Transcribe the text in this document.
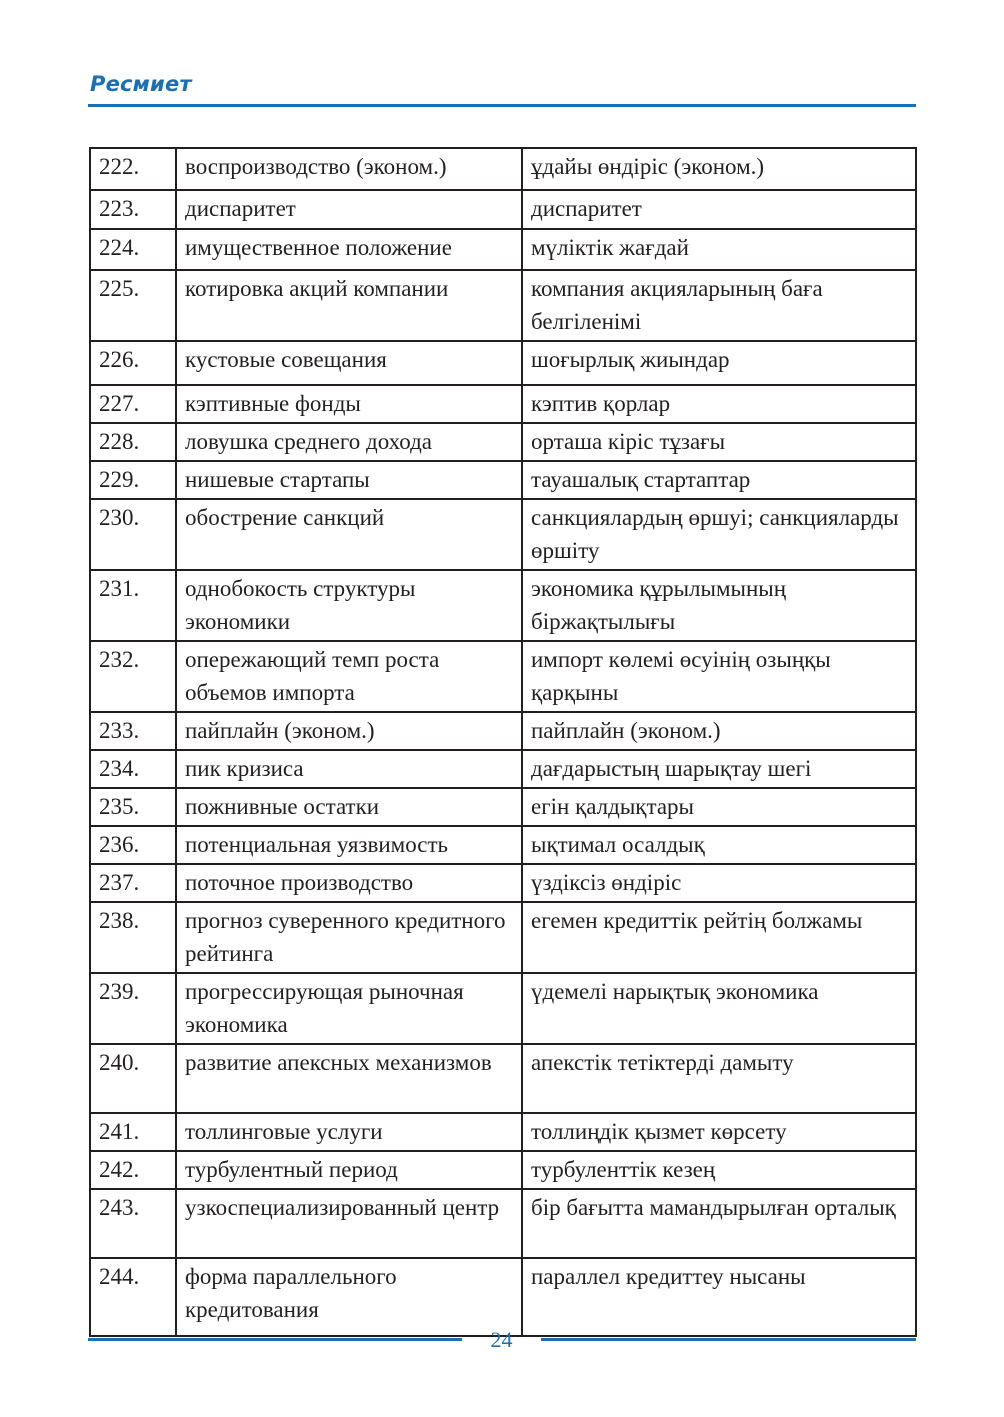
Ресмиет
222.	воспроизводство (эконом.)	ұдайы өндіріс (эконом.)
223.	диспаритет	диспаритет
224.	имущественное положение	мүліктік жағдай
225.	котировка акций компании	компания акцияларының баға белгіленімі
226.	кустовые совещания	шоғырлық жиындар
227.	кэптивные фонды	кэптив қорлар
228.	ловушка среднего дохода	орташа кіріс тұзағы
229.	нишевые стартапы	тауашалық стартаптар
230.	обострение санкций	санкциялардың өршуі; санкцияларды өршіту
231.	однобокость структуры экономики	экономика құрылымының біржақтылығы
232.	опережающий темп роста объемов импорта	импорт көлемі өсуінің озыңқы қарқыны
233.	пайплайн (эконом.)	пайплайн (эконом.)
234.	пик кризиса	дағдарыстың шарықтау шегі
235.	пожнивные остатки	егін қалдықтары
236.	потенциальная уязвимость	ықтимал осалдық
237.	поточное производство	үздіксіз өндіріс
238.	прогноз суверенного кредитного рейтинга	егемен кредиттік рейтің болжамы
239.	прогрессирующая рыночная экономика	үдемелі нарықтық экономика
240.	развитие апексных механизмов	апекстік тетіктерді дамыту
241.	толлинговые услуги	толлиңдік қызмет көрсету
242.	турбулентный период	турбуленттік кезең
243.	узкоспециализированный центр	бір бағытта мамандырылған орталық
244.	форма параллельного кредитования	параллел кредиттеу нысаны
24
